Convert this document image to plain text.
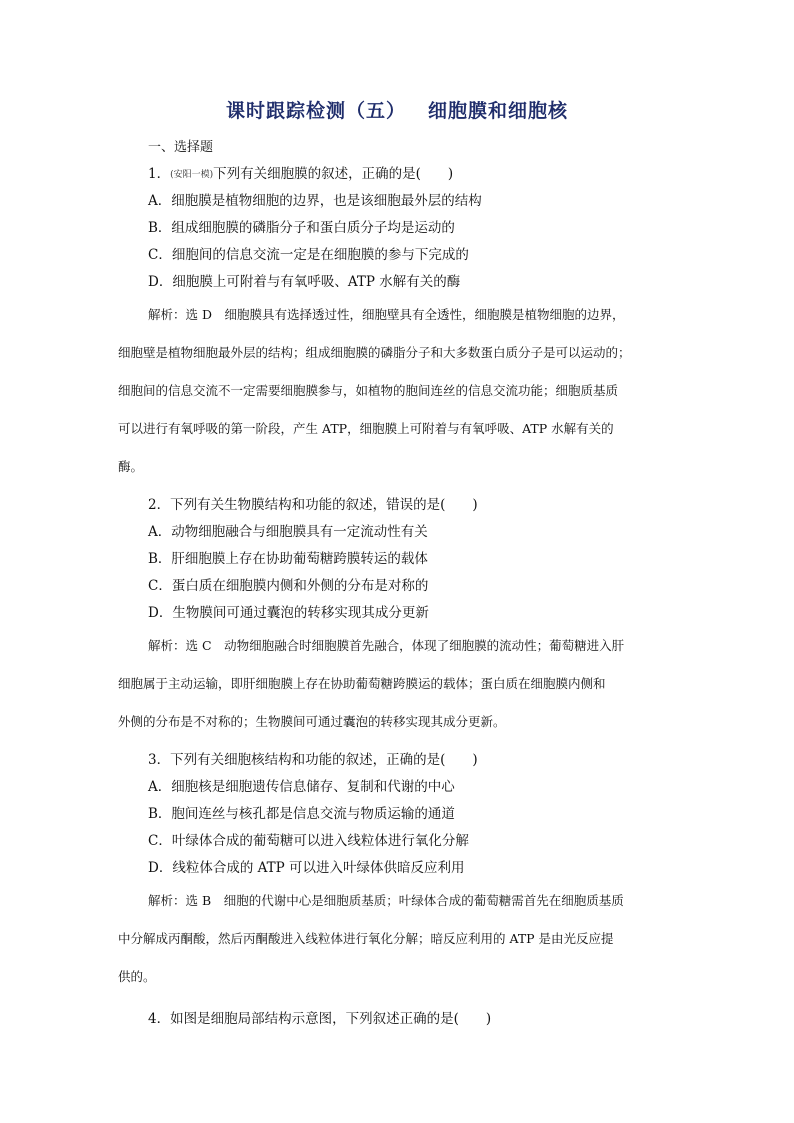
课时跟踪检测（五） 细胞膜和细胞核
一、选择题
1．(安阳一模)下列有关细胞膜的叙述，正确的是(　　)
A．细胞膜是植物细胞的边界，也是该细胞最外层的结构
B．组成细胞膜的磷脂分子和蛋白质分子均是运动的
C．细胞间的信息交流一定是在细胞膜的参与下完成的
D．细胞膜上可附着与有氧呼吸、ATP 水解有关的酶
解析：选 D　 细胞膜具有选择透过性，细胞壁具有全透性，细胞膜是植物细胞的边界，
细胞壁是植物细胞最外层的结构；组成细胞膜的磷脂分子和大多数蛋白质分子是可以运动的；
细胞间的信息交流不一定需要细胞膜参与，如植物的胞间连丝的信息交流功能；细胞质基质
可以进行有氧呼吸的第一阶段，产生 ATP，细胞膜上可附着与有氧呼吸、ATP 水解有关的
酶。
2．下列有关生物膜结构和功能的叙述，错误的是(　　)
A．动物细胞融合与细胞膜具有一定流动性有关
B．肝细胞膜上存在协助葡萄糖跨膜转运的载体
C．蛋白质在细胞膜内侧和外侧的分布是对称的
D．生物膜间可通过囊泡的转移实现其成分更新
解析：选 C　 动物细胞融合时细胞膜首先融合，体现了细胞膜的流动性；葡萄糖进入肝
细胞属于主动运输，即肝细胞膜上存在协助葡萄糖跨膜运的载体；蛋白质在细胞膜内侧和
外侧的分布是不对称的；生物膜间可通过囊泡的转移实现其成分更新。
3．下列有关细胞核结构和功能的叙述，正确的是(　　)
A．细胞核是细胞遗传信息储存、复制和代谢的中心
B．胞间连丝与核孔都是信息交流与物质运输的通道
C．叶绿体合成的葡萄糖可以进入线粒体进行氧化分解
D．线粒体合成的 ATP 可以进入叶绿体供暗反应利用
解析：选 B　 细胞的代谢中心是细胞质基质；叶绿体合成的葡萄糖需首先在细胞质基质
中分解成丙酮酸，然后丙酮酸进入线粒体进行氧化分解；暗反应利用的 ATP 是由光反应提
供的。
4．如图是细胞局部结构示意图，下列叙述正确的是(　　)
